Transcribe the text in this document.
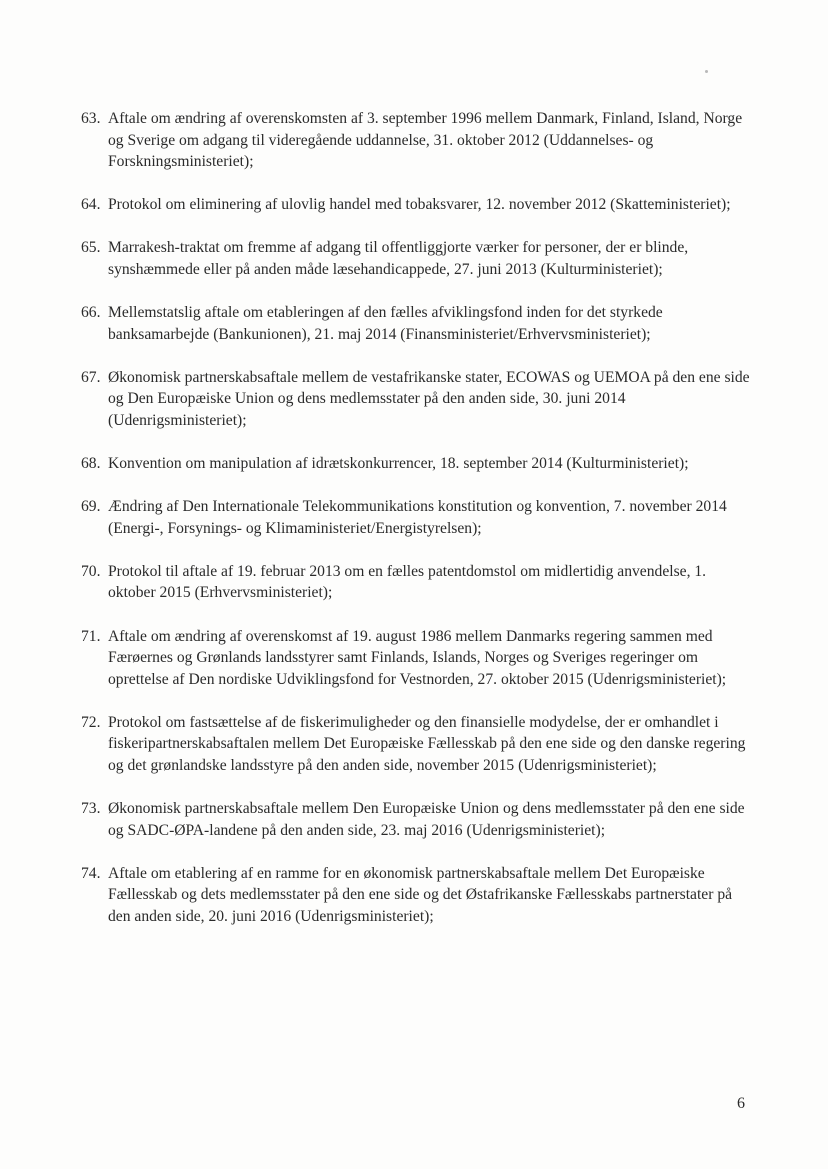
63. Aftale om ændring af overenskomsten af 3. september 1996 mellem Danmark, Finland, Island, Norge og Sverige om adgang til videregående uddannelse, 31. oktober 2012 (Uddannelses- og Forskningsministeriet);
64. Protokol om eliminering af ulovlig handel med tobaksvarer, 12. november 2012 (Skatteministeriet);
65. Marrakesh-traktat om fremme af adgang til offentliggjorte værker for personer, der er blinde, synshæmmede eller på anden måde læsehandicappede, 27. juni 2013 (Kulturministeriet);
66. Mellemstatslig aftale om etableringen af den fælles afviklingsfond inden for det styrkede banksamarbejde (Bankunionen), 21. maj 2014 (Finansministeriet/Erhvervsministeriet);
67. Økonomisk partnerskabsaftale mellem de vestafrikanske stater, ECOWAS og UEMOA på den ene side og Den Europæiske Union og dens medlemsstater på den anden side, 30. juni 2014 (Udenrigsministeriet);
68. Konvention om manipulation af idrætskonkurrencer, 18. september 2014 (Kulturministeriet);
69. Ændring af Den Internationale Telekommunikations konstitution og konvention, 7. november 2014 (Energi-, Forsynings- og Klimaministeriet/Energistyrelsen);
70. Protokol til aftale af 19. februar 2013 om en fælles patentdomstol om midlertidig anvendelse, 1. oktober 2015 (Erhvervsministeriet);
71. Aftale om ændring af overenskomst af 19. august 1986 mellem Danmarks regering sammen med Færøernes og Grønlands landsstyrer samt Finlands, Islands, Norges og Sveriges regeringer om oprettelse af Den nordiske Udviklingsfond for Vestnorden, 27. oktober 2015 (Udenrigsministeriet);
72. Protokol om fastsættelse af de fiskerimuligheder og den finansielle modydelse, der er omhandlet i fiskeripartnerskabsaftalen mellem Det Europæiske Fællesskab på den ene side og den danske regering og det grønlandske landsstyre på den anden side, november 2015 (Udenrigsministeriet);
73. Økonomisk partnerskabsaftale mellem Den Europæiske Union og dens medlemsstater på den ene side og SADC-ØPA-landene på den anden side, 23. maj 2016 (Udenrigsministeriet);
74. Aftale om etablering af en ramme for en økonomisk partnerskabsaftale mellem Det Europæiske Fællesskab og dets medlemsstater på den ene side og det Østafrikanske Fællesskabs partnerstater på den anden side, 20. juni 2016 (Udenrigsministeriet);
6
